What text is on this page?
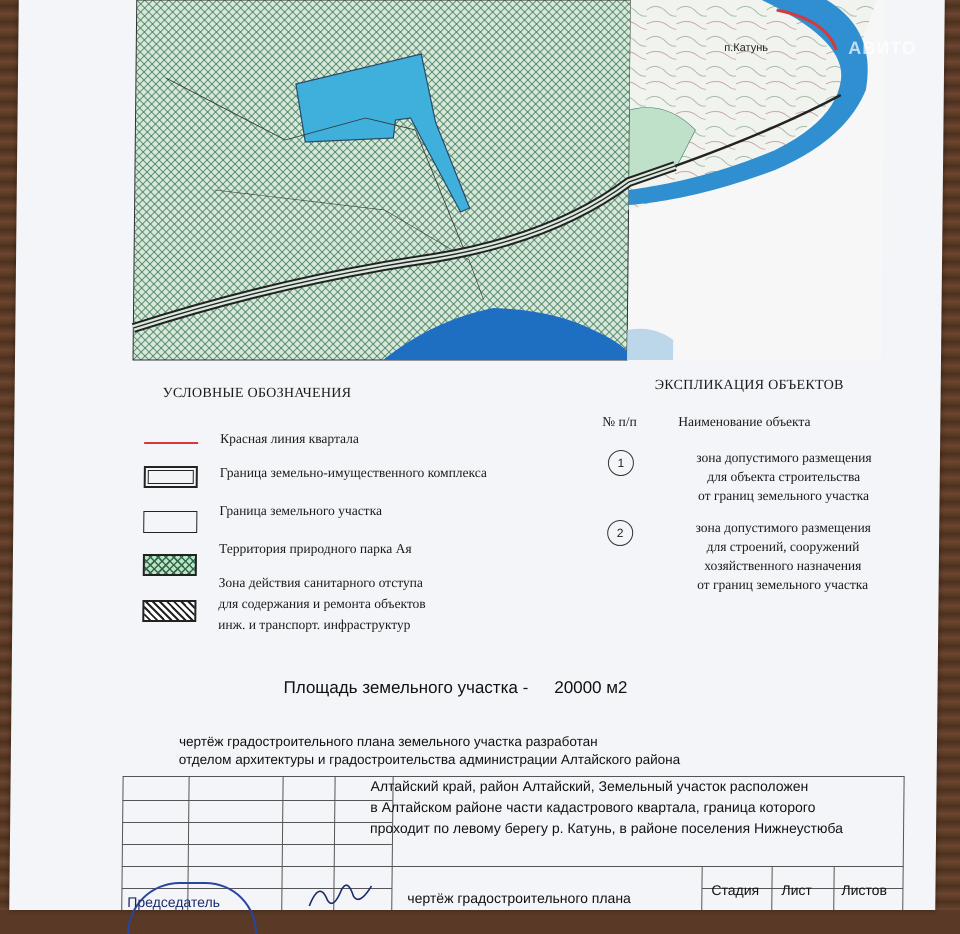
п.Катунь	АВИТО
УСЛОВНЫЕ ОБОЗНАЧЕНИЯ
Красная линия квартала
Граница земельно-имущественного комплекса
Граница земельного участка
Территория природного парка Ая
Зона действия санитарного отступа
для содержания и ремонта объектов
инж. и транспорт. инфраструктур
ЭКСПЛИКАЦИЯ ОБЪЕКТОВ
№ п/п	Наименование объекта
1	зона допустимого размещения
для объекта строительства
от границ земельного участка
2	зона допустимого размещения
для строений, сооружений
хозяйственного назначения
от границ земельного участка
Площадь земельного участка - 20000 м2
чертёж градостроительного плана земельного участка разработан
отделом архитектуры и градостроительства администрации Алтайского района
Алтайский край, район Алтайский, Земельный участок расположен
в Алтайском районе части кадастрового квартала, граница которого
проходит по левому берегу р. Катунь, в районе поселения Нижнеустюба
чертёж градостроительного плана	Стадия Лист Листов
Председатель
